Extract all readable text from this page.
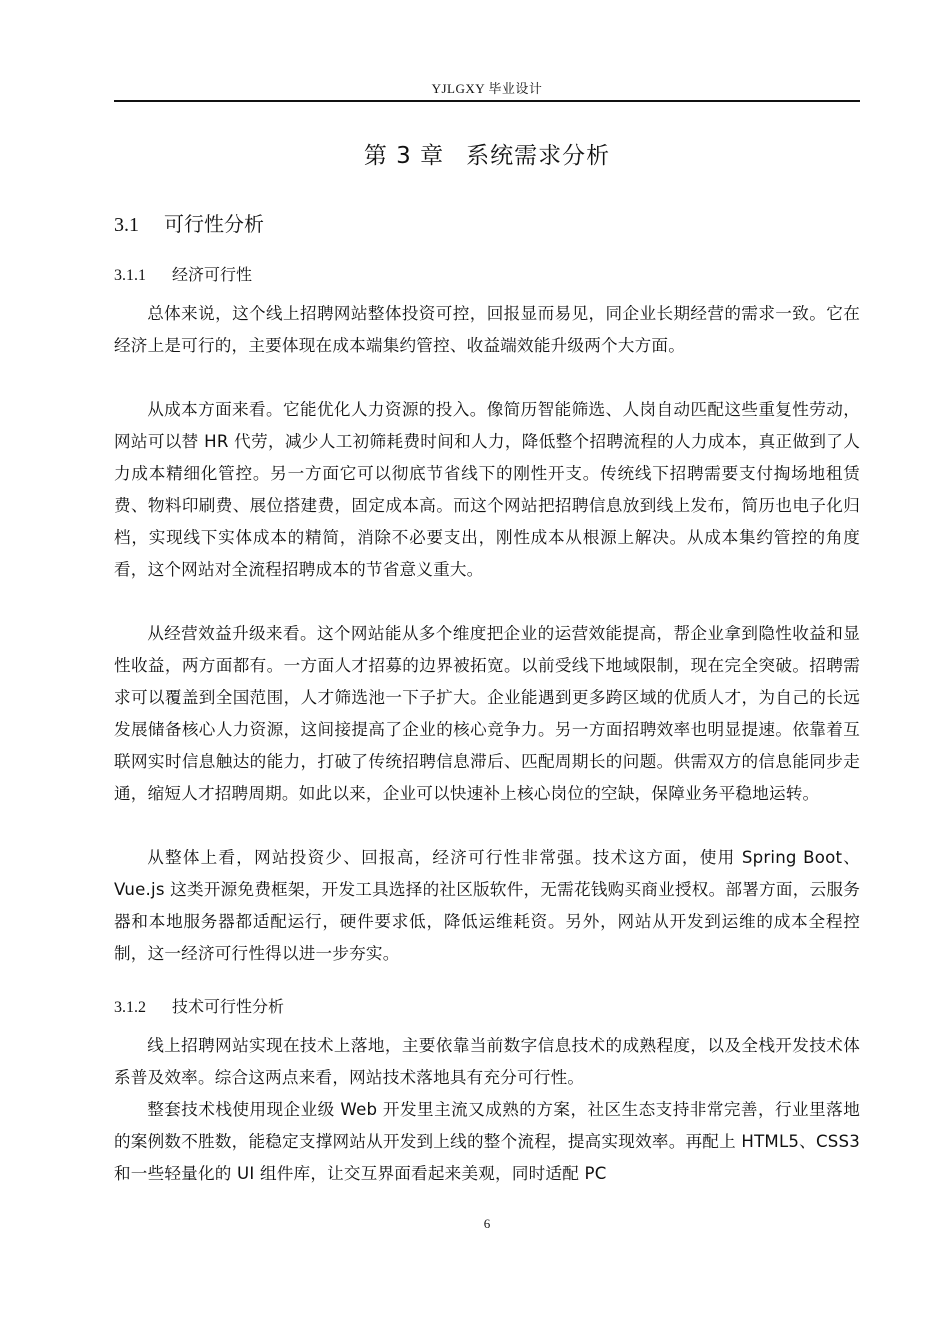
YJLGXY 毕业设计
第 3 章 系统需求分析
3.1 可行性分析
3.1.1 经济可行性

总体来说，这个线上招聘网站整体投资可控，回报显而易见，同企业长期经营的需求一致。它在经济上是可行的，主要体现在成本端集约管控、收益端效能升级两个大方面。

从成本方面来看。它能优化人力资源的投入。像简历智能筛选、人岗自动匹配这些重复性劳动，网站可以替 HR 代劳，减少人工初筛耗费时间和人力，降低整个招聘流程的人力成本，真正做到了人力成本精细化管控。另一方面它可以彻底节省线下的刚性开支。传统线下招聘需要支付掏场地租赁费、物料印刷费、展位搭建费，固定成本高。而这个网站把招聘信息放到线上发布，简历也电子化归档，实现线下实体成本的精简，消除不必要支出，刚性成本从根源上解决。从成本集约管控的角度看，这个网站对全流程招聘成本的节省意义重大。

从经营效益升级来看。这个网站能从多个维度把企业的运营效能提高，帮企业拿到隐性收益和显性收益，两方面都有。一方面人才招募的边界被拓宽。以前受线下地域限制，现在完全突破。招聘需求可以覆盖到全国范围，人才筛选池一下子扩大。企业能遇到更多跨区域的优质人才，为自己的长远发展储备核心人力资源，这间接提高了企业的核心竞争力。另一方面招聘效率也明显提速。依靠着互联网实时信息触达的能力，打破了传统招聘信息滞后、匹配周期长的问题。供需双方的信息能同步走通，缩短人才招聘周期。如此以来，企业可以快速补上核心岗位的空缺，保障业务平稳地运转。

从整体上看，网站投资少、回报高，经济可行性非常强。技术这方面，使用 Spring Boot、Vue.js 这类开源免费框架，开发工具选择的社区版软件，无需花钱购买商业授权。部署方面，云服务器和本地服务器都适配运行，硬件要求低，降低运维耗资。另外，网站从开发到运维的成本全程控制，这一经济可行性得以进一步夯实。

3.1.2 技术可行性分析

线上招聘网站实现在技术上落地，主要依靠当前数字信息技术的成熟程度，以及全栈开发技术体系普及效率。综合这两点来看，网站技术落地具有充分可行性。

整套技术栈使用现企业级 Web 开发里主流又成熟的方案，社区生态支持非常完善，行业里落地的案例数不胜数，能稳定支撑网站从开发到上线的整个流程，提高实现效率。再配上 HTML5、CSS3 和一些轻量化的 UI 组件库，让交互界面看起来美观，同时适配 PC

6
